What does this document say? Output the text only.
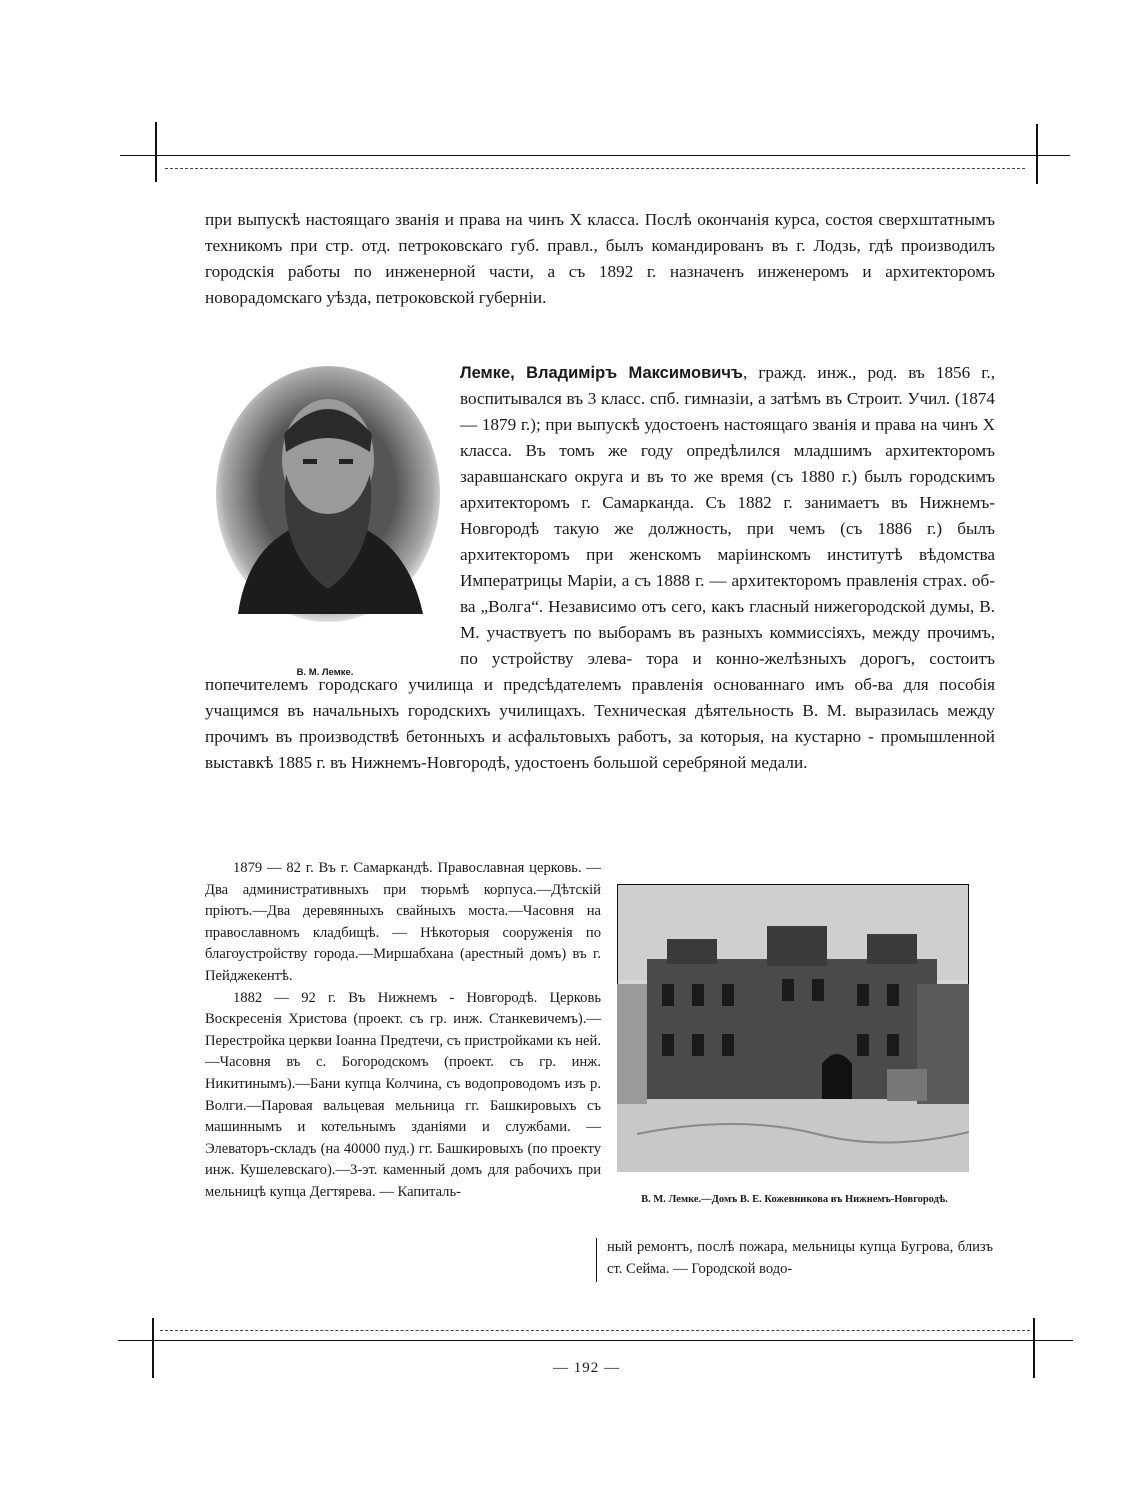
при выпускѣ настоящаго званія и права на чинъ X класса. Послѣ окончанія курса, состоя сверхштатнымъ техникомъ при стр. отд. петроковскаго губ. правл., былъ командированъ въ г. Лодзь, гдѣ производилъ городскія работы по инженерной части, а съ 1892 г. назначенъ инженеромъ и архитекторомъ новорадомскаго уѣзда, петроковской губерніи.

В. М. Лемке.
Лемке, Владиміръ Максимовичъ, гражд. инж., род. въ 1856 г., воспитывался въ 3 класс. спб. гимназіи, а затѣмъ въ Строит. Учил. (1874 — 1879 г.); при выпускѣ удостоенъ настоящаго званія и права на чинъ X класса. Въ томъ же году опредѣлился младшимъ архитекторомъ заравшанскаго округа и въ то же время (съ 1880 г.) былъ городскимъ архитекторомъ г. Самарканда. Съ 1882 г. занимаетъ въ Нижнемъ-Новгородѣ такую же должность, при чемъ (съ 1886 г.) былъ архитекторомъ при женскомъ маріинскомъ институтѣ вѣдомства Императрицы Маріи, а съ 1888 г. — архитекторомъ правленія страх. об-ва „Волга“. Независимо отъ сего, какъ гласный нижегородской думы, В. М. участвуетъ по выборамъ въ разныхъ коммиссіяхъ, между прочимъ, по устройству элева- тора и конно-желѣзныхъ дорогъ, состоитъ попечителемъ городскаго училища и предсѣдателемъ правленія основаннаго имъ об-ва для пособія учащимся въ начальныхъ городскихъ училищахъ. Техническая дѣятельность В. М. выразилась между прочимъ въ производствѣ бетонныхъ и асфальтовыхъ работъ, за которыя, на кустарно - промышленной выставкѣ 1885 г. въ Нижнемъ-Новгородѣ, удостоенъ большой серебряной медали.

1879 — 82 г. Въ г. Самаркандѣ. Православная церковь. — Два административныхъ при тюрьмѣ корпуса.—Дѣтскій пріютъ.—Два деревянныхъ свайныхъ моста.—Часовня на православномъ кладбищѣ. — Нѣкоторыя сооруженія по благоустройству города.—Миршабхана (арестный домъ) въ г. Пейджекентѣ.

1882 — 92 г. Въ Нижнемъ - Новгородѣ. Церковь Воскресенія Христова (проект. съ гр. инж. Станкевичемъ).—Перестройка церкви Іоанна Предтечи, съ пристройками къ ней.—Часовня въ с. Богородскомъ (проект. съ гр. инж. Никитинымъ).—Бани купца Колчина, съ водопроводомъ изъ р. Волги.—Паровая вальцевая мельница гг. Башкировыхъ съ машиннымъ и котельнымъ зданіями и службами. — Элеваторъ-складъ (на 40000 пуд.) гг. Башкировыхъ (по проекту инж. Кушелевскаго).—3-эт. каменный домъ для рабочихъ при мельницѣ купца Дегтярева. — Капиталь-	В. М. Лемке.—Домъ В. Е. Кожевникова въ Нижнемъ-Новгородѣ.

ный ремонтъ, послѣ пожара, мельницы купца Бугрова, близъ ст. Сейма. — Городской водо-

— 192 —
